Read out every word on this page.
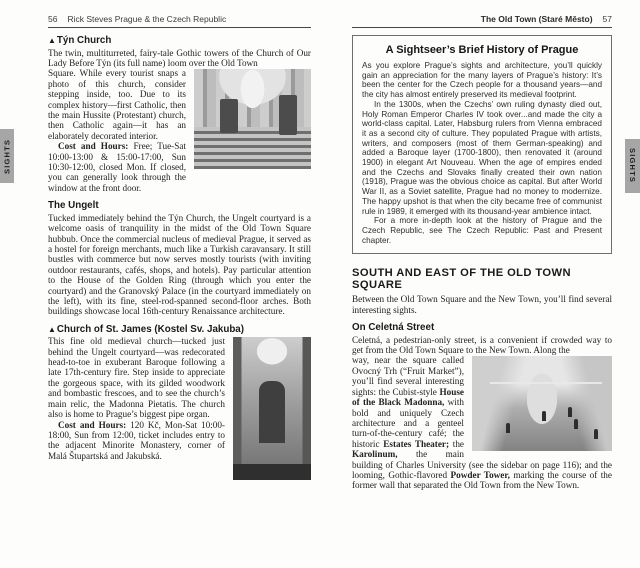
SIGHTS	SIGHTS
56 Rick Steves Prague & the Czech Republic
▲ Týn Church

The twin, multiturreted, fairy-tale Gothic towers of the Church of Our Lady Before Týn (its full name) loom over the Old Town

Square. While every tourist snaps a photo of this church, consider stepping inside, too. Due to its complex history—first Catholic, then the main Hussite (Protestant) church, then Catholic again—it has an elaborately decorated interior.

Cost and Hours: Free; Tue-Sat 10:00-13:00 & 15:00-17:00, Sun 10:30-12:00, closed Mon. If closed, you can generally look through the window at the front door.

The Ungelt

Tucked immediately behind the Týn Church, the Ungelt courtyard is a welcome oasis of tranquility in the midst of the Old Town Square hubbub. Once the commercial nucleus of medieval Prague, it served as a hostel for foreign merchants, much like a Turkish caravansary. It still bustles with commerce but now serves mostly tourists (with inviting outdoor restaurants, cafés, shops, and hotels). Pay particular attention to the House of the Golden Ring (through which you enter the courtyard) and the Granovský Palace (in the courtyard immediately on the left), with its fine, steel-rod-spanned second-floor arches. Both buildings showcase local 16th-century Renaissance architecture.

▲ Church of St. James (Kostel Sv. Jakuba)

This fine old medieval church—tucked just behind the Ungelt courtyard—was redecorated head-to-toe in exuberant Baroque following a late 17th-century fire. Step inside to appreciate the gorgeous space, with its gilded woodwork and bombastic frescoes, and to see the church’s main relic, the Madonna Pietatis. The church also is home to Prague’s biggest pipe organ.

Cost and Hours: 120 Kč, Mon-Sat 10:00-18:00, Sun from 12:00, ticket includes entry to the adjacent Minorite Monastery, corner of Malá Štupartská and Jakubská.

The Old Town (Staré Město) 57
A Sightseer’s Brief History of Prague

As you explore Prague’s sights and architecture, you’ll quickly gain an appreciation for the many layers of Prague’s history: It’s been the center for the Czech people for a thousand years—and the city has almost entirely preserved its medieval footprint.

In the 1300s, when the Czechs’ own ruling dynasty died out, Holy Roman Emperor Charles IV took over...and made the city a world-class capital. Later, Habsburg rulers from Vienna embraced it as a second city of culture. They populated Prague with artists, writers, and composers (most of them German-speaking) and added a Baroque layer (1700-1800), then renovated it (around 1900) in elegant Art Nouveau. When the age of empires ended and the Czechs and Slovaks finally created their own nation (1918), Prague was the obvious choice as capital. But after World War II, as a Soviet satellite, Prague had no money to modernize. The happy upshot is that when the city became free of communist rule in 1989, it emerged with its thousand-year ambience intact.

For a more in-depth look at the history of Prague and the Czech Republic, see The Czech Republic: Past and Present chapter.

SOUTH AND EAST OF THE OLD TOWN SQUARE

Between the Old Town Square and the New Town, you’ll find several interesting sights.

On Celetná Street

Celetná, a pedestrian-only street, is a convenient if crowded way to get from the Old Town Square to the New Town. Along the

way, near the square called Ovocný Trh (“Fruit Market”), you’ll find several interesting sights: the Cubist-style House of the Black Madonna, with bold and uniquely Czech architecture and a genteel turn-of-the-century café; the historic Estates Theater; the Karolinum, the main building of Charles University (see the sidebar on page 116); and the looming, Gothic-flavored Powder Tower, marking the course of the former wall that separated the Old Town from the New Town.
